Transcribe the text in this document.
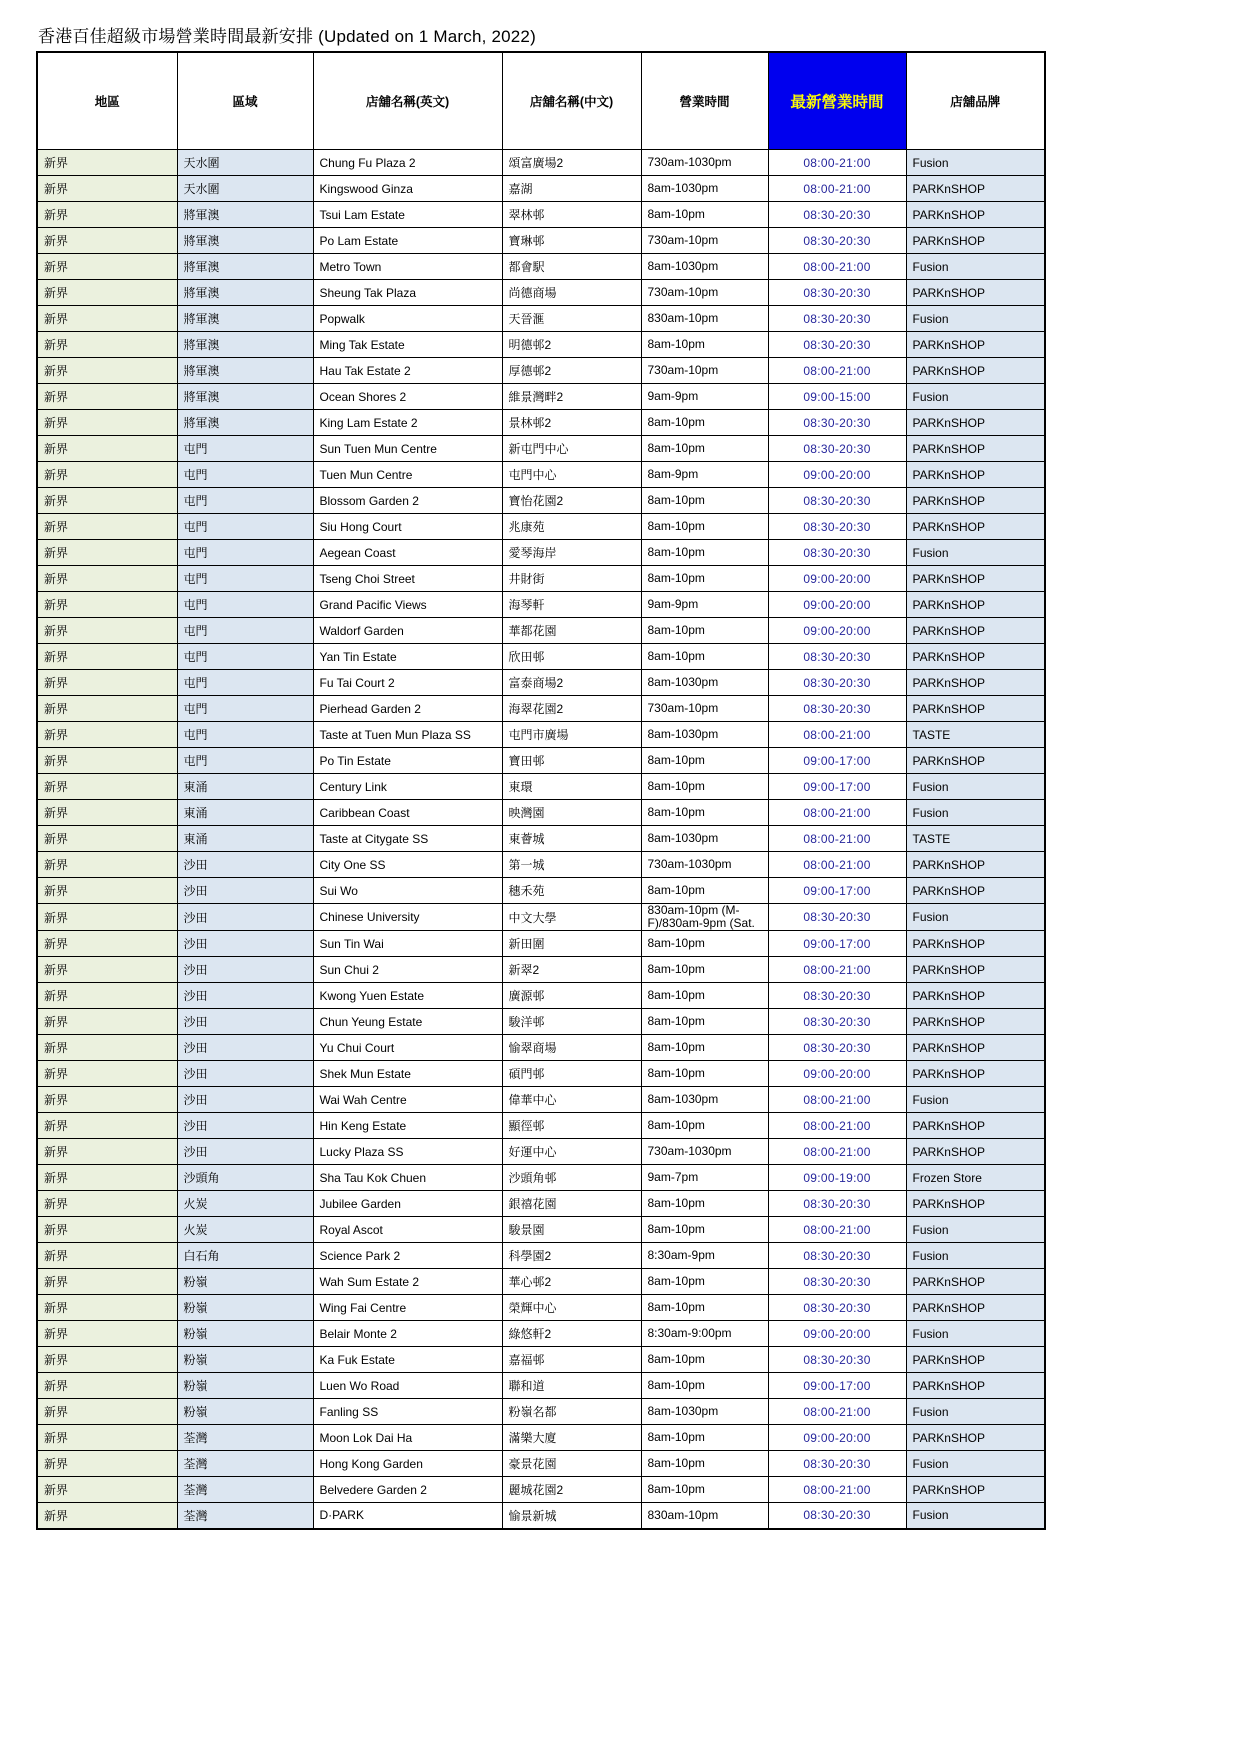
香港百佳超級市場營業時間最新安排 (Updated on 1 March, 2022)
地區	區域	店舖名稱(英文)	店舖名稱(中文)	營業時間	最新營業時間	店舖品牌
新界	天水圍	Chung Fu Plaza 2	頌富廣場2	730am-1030pm	08:00-21:00	Fusion
新界	天水圍	Kingswood Ginza	嘉湖	8am-1030pm	08:00-21:00	PARKnSHOP
新界	將軍澳	Tsui Lam Estate	翠林邨	8am-10pm	08:30-20:30	PARKnSHOP
新界	將軍澳	Po Lam Estate	寶琳邨	730am-10pm	08:30-20:30	PARKnSHOP
新界	將軍澳	Metro Town	都會駅	8am-1030pm	08:00-21:00	Fusion
新界	將軍澳	Sheung Tak Plaza	尚德商場	730am-10pm	08:30-20:30	PARKnSHOP
新界	將軍澳	Popwalk	天晉滙	830am-10pm	08:30-20:30	Fusion
新界	將軍澳	Ming Tak Estate	明德邨2	8am-10pm	08:30-20:30	PARKnSHOP
新界	將軍澳	Hau Tak Estate 2	厚德邨2	730am-10pm	08:00-21:00	PARKnSHOP
新界	將軍澳	Ocean Shores 2	維景灣畔2	9am-9pm	09:00-15:00	Fusion
新界	將軍澳	King Lam Estate 2	景林邨2	8am-10pm	08:30-20:30	PARKnSHOP
新界	屯門	Sun Tuen Mun Centre	新屯門中心	8am-10pm	08:30-20:30	PARKnSHOP
新界	屯門	Tuen Mun Centre	屯門中心	8am-9pm	09:00-20:00	PARKnSHOP
新界	屯門	Blossom Garden 2	寶怡花園2	8am-10pm	08:30-20:30	PARKnSHOP
新界	屯門	Siu Hong Court	兆康苑	8am-10pm	08:30-20:30	PARKnSHOP
新界	屯門	Aegean Coast	愛琴海岸	8am-10pm	08:30-20:30	Fusion
新界	屯門	Tseng Choi Street	井財街	8am-10pm	09:00-20:00	PARKnSHOP
新界	屯門	Grand Pacific Views	海琴軒	9am-9pm	09:00-20:00	PARKnSHOP
新界	屯門	Waldorf Garden	華都花園	8am-10pm	09:00-20:00	PARKnSHOP
新界	屯門	Yan Tin Estate	欣田邨	8am-10pm	08:30-20:30	PARKnSHOP
新界	屯門	Fu Tai Court 2	富泰商場2	8am-1030pm	08:30-20:30	PARKnSHOP
新界	屯門	Pierhead Garden 2	海翠花園2	730am-10pm	08:30-20:30	PARKnSHOP
新界	屯門	Taste at Tuen Mun Plaza SS	屯門市廣場	8am-1030pm	08:00-21:00	TASTE
新界	屯門	Po Tin Estate	寶田邨	8am-10pm	09:00-17:00	PARKnSHOP
新界	東涌	Century Link	東環	8am-10pm	09:00-17:00	Fusion
新界	東涌	Caribbean Coast	映灣園	8am-10pm	08:00-21:00	Fusion
新界	東涌	Taste at Citygate SS	東薈城	8am-1030pm	08:00-21:00	TASTE
新界	沙田	City One SS	第一城	730am-1030pm	08:00-21:00	PARKnSHOP
新界	沙田	Sui Wo	穗禾苑	8am-10pm	09:00-17:00	PARKnSHOP
新界	沙田	Chinese University	中文大學	830am-10pm (M-F)/830am-9pm (Sat.	08:30-20:30	Fusion
新界	沙田	Sun Tin Wai	新田圍	8am-10pm	09:00-17:00	PARKnSHOP
新界	沙田	Sun Chui 2	新翠2	8am-10pm	08:00-21:00	PARKnSHOP
新界	沙田	Kwong Yuen Estate	廣源邨	8am-10pm	08:30-20:30	PARKnSHOP
新界	沙田	Chun Yeung Estate	駿洋邨	8am-10pm	08:30-20:30	PARKnSHOP
新界	沙田	Yu Chui Court	愉翠商場	8am-10pm	08:30-20:30	PARKnSHOP
新界	沙田	Shek Mun Estate	碩門邨	8am-10pm	09:00-20:00	PARKnSHOP
新界	沙田	Wai Wah Centre	偉華中心	8am-1030pm	08:00-21:00	Fusion
新界	沙田	Hin Keng Estate	顯徑邨	8am-10pm	08:00-21:00	PARKnSHOP
新界	沙田	Lucky Plaza SS	好運中心	730am-1030pm	08:00-21:00	PARKnSHOP
新界	沙頭角	Sha Tau Kok Chuen	沙頭角邨	9am-7pm	09:00-19:00	Frozen Store
新界	火炭	Jubilee Garden	銀禧花園	8am-10pm	08:30-20:30	PARKnSHOP
新界	火炭	Royal Ascot	駿景園	8am-10pm	08:00-21:00	Fusion
新界	白石角	Science Park 2	科學園2	8:30am-9pm	08:30-20:30	Fusion
新界	粉嶺	Wah Sum Estate 2	華心邨2	8am-10pm	08:30-20:30	PARKnSHOP
新界	粉嶺	Wing Fai Centre	榮輝中心	8am-10pm	08:30-20:30	PARKnSHOP
新界	粉嶺	Belair Monte 2	綠悠軒2	8:30am-9:00pm	09:00-20:00	Fusion
新界	粉嶺	Ka Fuk Estate	嘉福邨	8am-10pm	08:30-20:30	PARKnSHOP
新界	粉嶺	Luen Wo Road	聯和道	8am-10pm	09:00-17:00	PARKnSHOP
新界	粉嶺	Fanling SS	粉嶺名都	8am-1030pm	08:00-21:00	Fusion
新界	荃灣	Moon Lok Dai Ha	滿樂大廈	8am-10pm	09:00-20:00	PARKnSHOP
新界	荃灣	Hong Kong Garden	豪景花園	8am-10pm	08:30-20:30	Fusion
新界	荃灣	Belvedere Garden 2	麗城花園2	8am-10pm	08:00-21:00	PARKnSHOP
新界	荃灣	D·PARK	愉景新城	830am-10pm	08:30-20:30	Fusion
